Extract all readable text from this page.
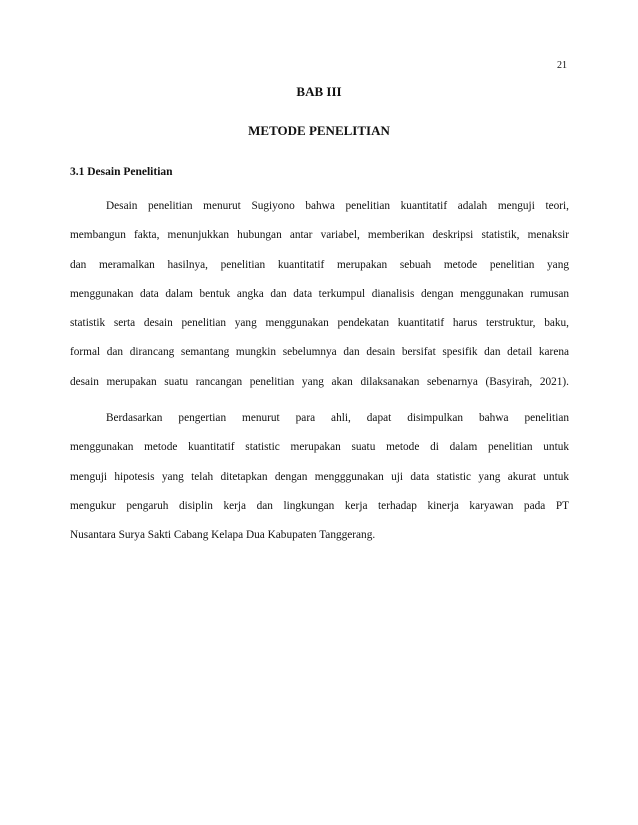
21
BAB III
METODE PENELITIAN
3.1 Desain Penelitian
Desain penelitian menurut Sugiyono bahwa penelitian kuantitatif adalah menguji teori,
membangun fakta, menunjukkan hubungan antar variabel, memberikan deskripsi statistik, menaksir
dan meramalkan hasilnya, penelitian kuantitatif merupakan sebuah metode penelitian yang
menggunakan data dalam bentuk angka dan data terkumpul dianalisis dengan menggunakan rumusan
statistik serta desain penelitian yang menggunakan pendekatan kuantitatif harus terstruktur, baku,
formal dan dirancang semantang mungkin sebelumnya dan desain bersifat spesifik dan detail karena
desain merupakan suatu rancangan penelitian yang akan dilaksanakan sebenarnya (Basyirah, 2021).
Berdasarkan pengertian menurut para ahli, dapat disimpulkan bahwa penelitian
menggunakan metode kuantitatif statistic merupakan suatu metode di dalam penelitian untuk
menguji hipotesis yang telah ditetapkan dengan mengggunakan uji data statistic yang akurat untuk
mengukur pengaruh disiplin kerja dan lingkungan kerja terhadap kinerja karyawan pada PT
Nusantara Surya Sakti Cabang Kelapa Dua Kabupaten Tanggerang.
